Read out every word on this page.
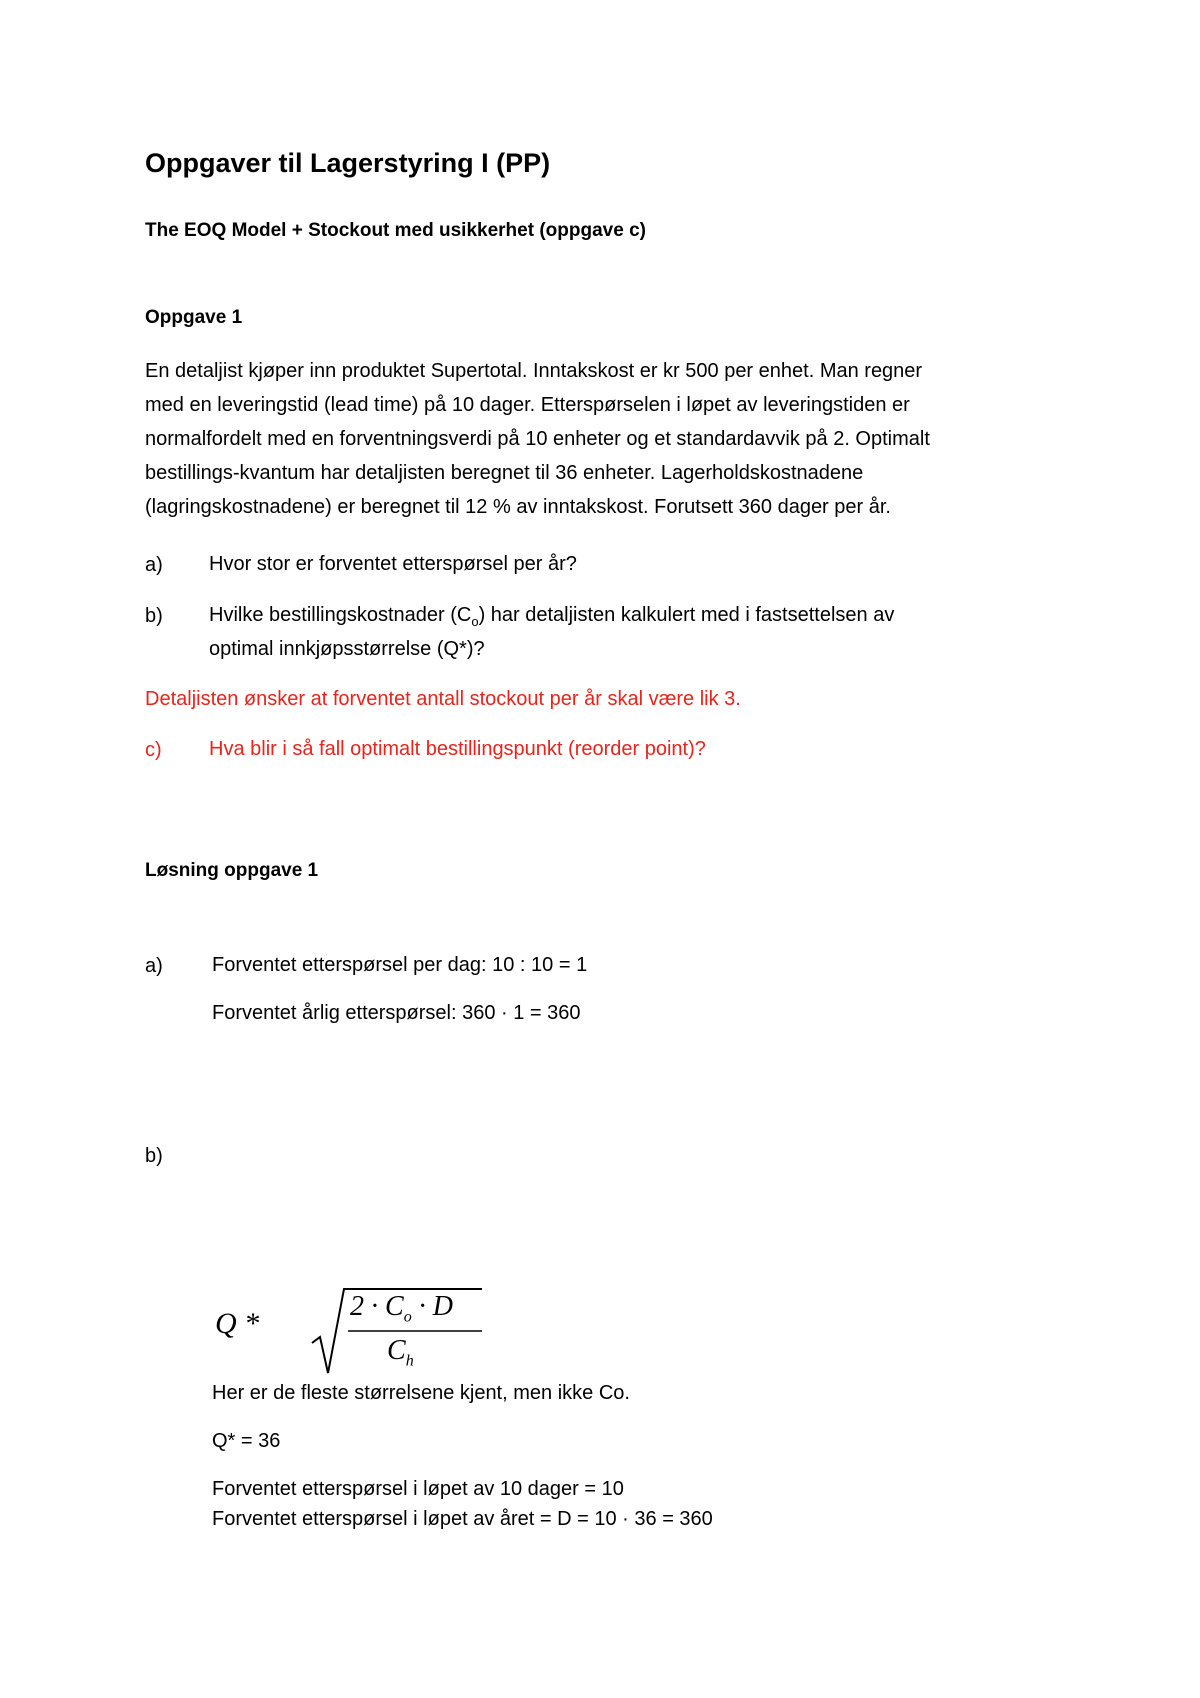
Oppgaver til Lagerstyring I (PP)
The EOQ Model + Stockout med usikkerhet (oppgave c)
Oppgave 1
En detaljist kjøper inn produktet Supertotal. Inntakskost er kr 500 per enhet. Man regner
med en leveringstid (lead time) på 10 dager. Etterspørselen i løpet av leveringstiden er
normalfordelt med en forventningsverdi på 10 enheter og et standardavvik på 2. Optimalt
bestillings-kvantum har detaljisten beregnet til 36 enheter. Lagerholdskostnadene
(lagringskostnadene) er beregnet til 12 % av inntakskost. Forutsett 360 dager per år.
a) Hvor stor er forventet etterspørsel per år?
b) Hvilke bestillingskostnader $(C_o)$ har detaljisten kalkulert med i fastsettelsen av
optimal innkjøpsstørrelse (Q*)?
Detaljisten ønsker at forventet antall stockout per år skal være lik 3.
c) Hva blir i så fall optimalt bestillingspunkt (reorder point)?
Løsning oppgave 1
a) Forventet etterspørsel per dag: 10 : 10 = 1
Forventet årlig etterspørsel: 360 · 1 = 360
b)
Q *
$2 \cdot C_o \cdot D$
$C_h$
Her er de fleste størrelsene kjent, men ikke Co.
Q* = 36
Forventet etterspørsel i løpet av 10 dager = 10
Forventet etterspørsel i løpet av året = D = 10 · 36 = 360
